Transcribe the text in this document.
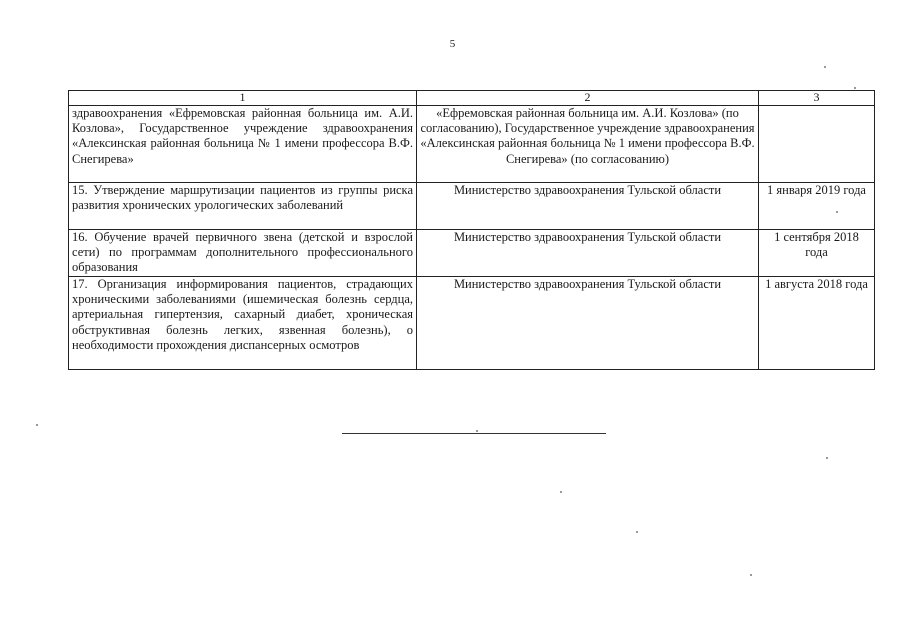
5
1	2	3
здравоохранения «Ефремовская районная больница им. А.И. Козлова», Государственное учреждение здравоохранения «Алексинская районная больница № 1 имени профессора В.Ф. Снегирева»	«Ефремовская районная больница им. А.И. Козлова» (по согласованию), Государственное учреждение здравоохранения «Алексинская районная больница № 1 имени профессора В.Ф. Снегирева» (по согласованию)	
15. Утверждение маршрутизации пациентов из группы риска развития хронических урологических заболеваний	Министерство здравоохранения Тульской области	1 января 2019 года
16. Обучение врачей первичного звена (детской и взрослой сети) по программам дополнительного профессионального образования	Министерство здравоохранения Тульской области	1 сентября 2018 года
17. Организация информирования пациентов, страдающих хроническими заболеваниями (ишемическая болезнь сердца, артериальная гипертензия, сахарный диабет, хроническая обструктивная болезнь легких, язвенная болезнь), о необходимости прохождения диспансерных осмотров	Министерство здравоохранения Тульской области	1 августа 2018 года
